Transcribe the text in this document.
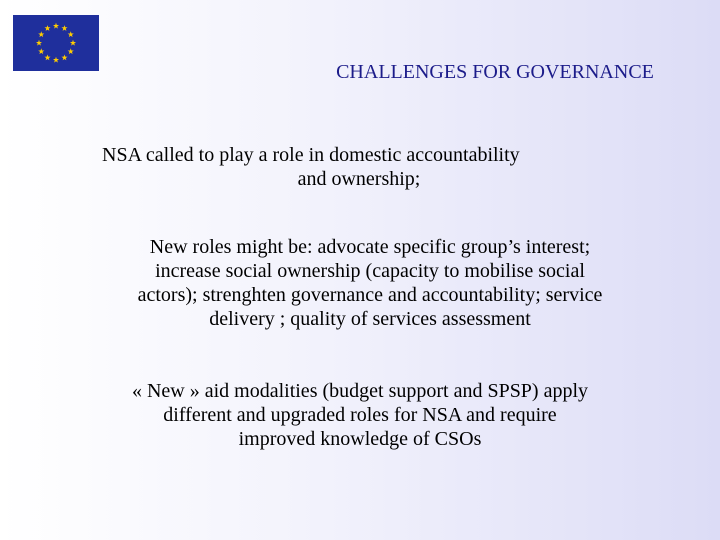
CHALLENGES FOR GOVERNANCE
NSA called to play a role in domestic accountability
and ownership;
New roles might be: advocate specific group’s interest;
increase social ownership (capacity to mobilise social
actors); strenghten governance and accountability; service
delivery ; quality of services assessment
« New » aid modalities (budget support and SPSP) apply
different and upgraded roles for NSA and require
improved knowledge of CSOs
